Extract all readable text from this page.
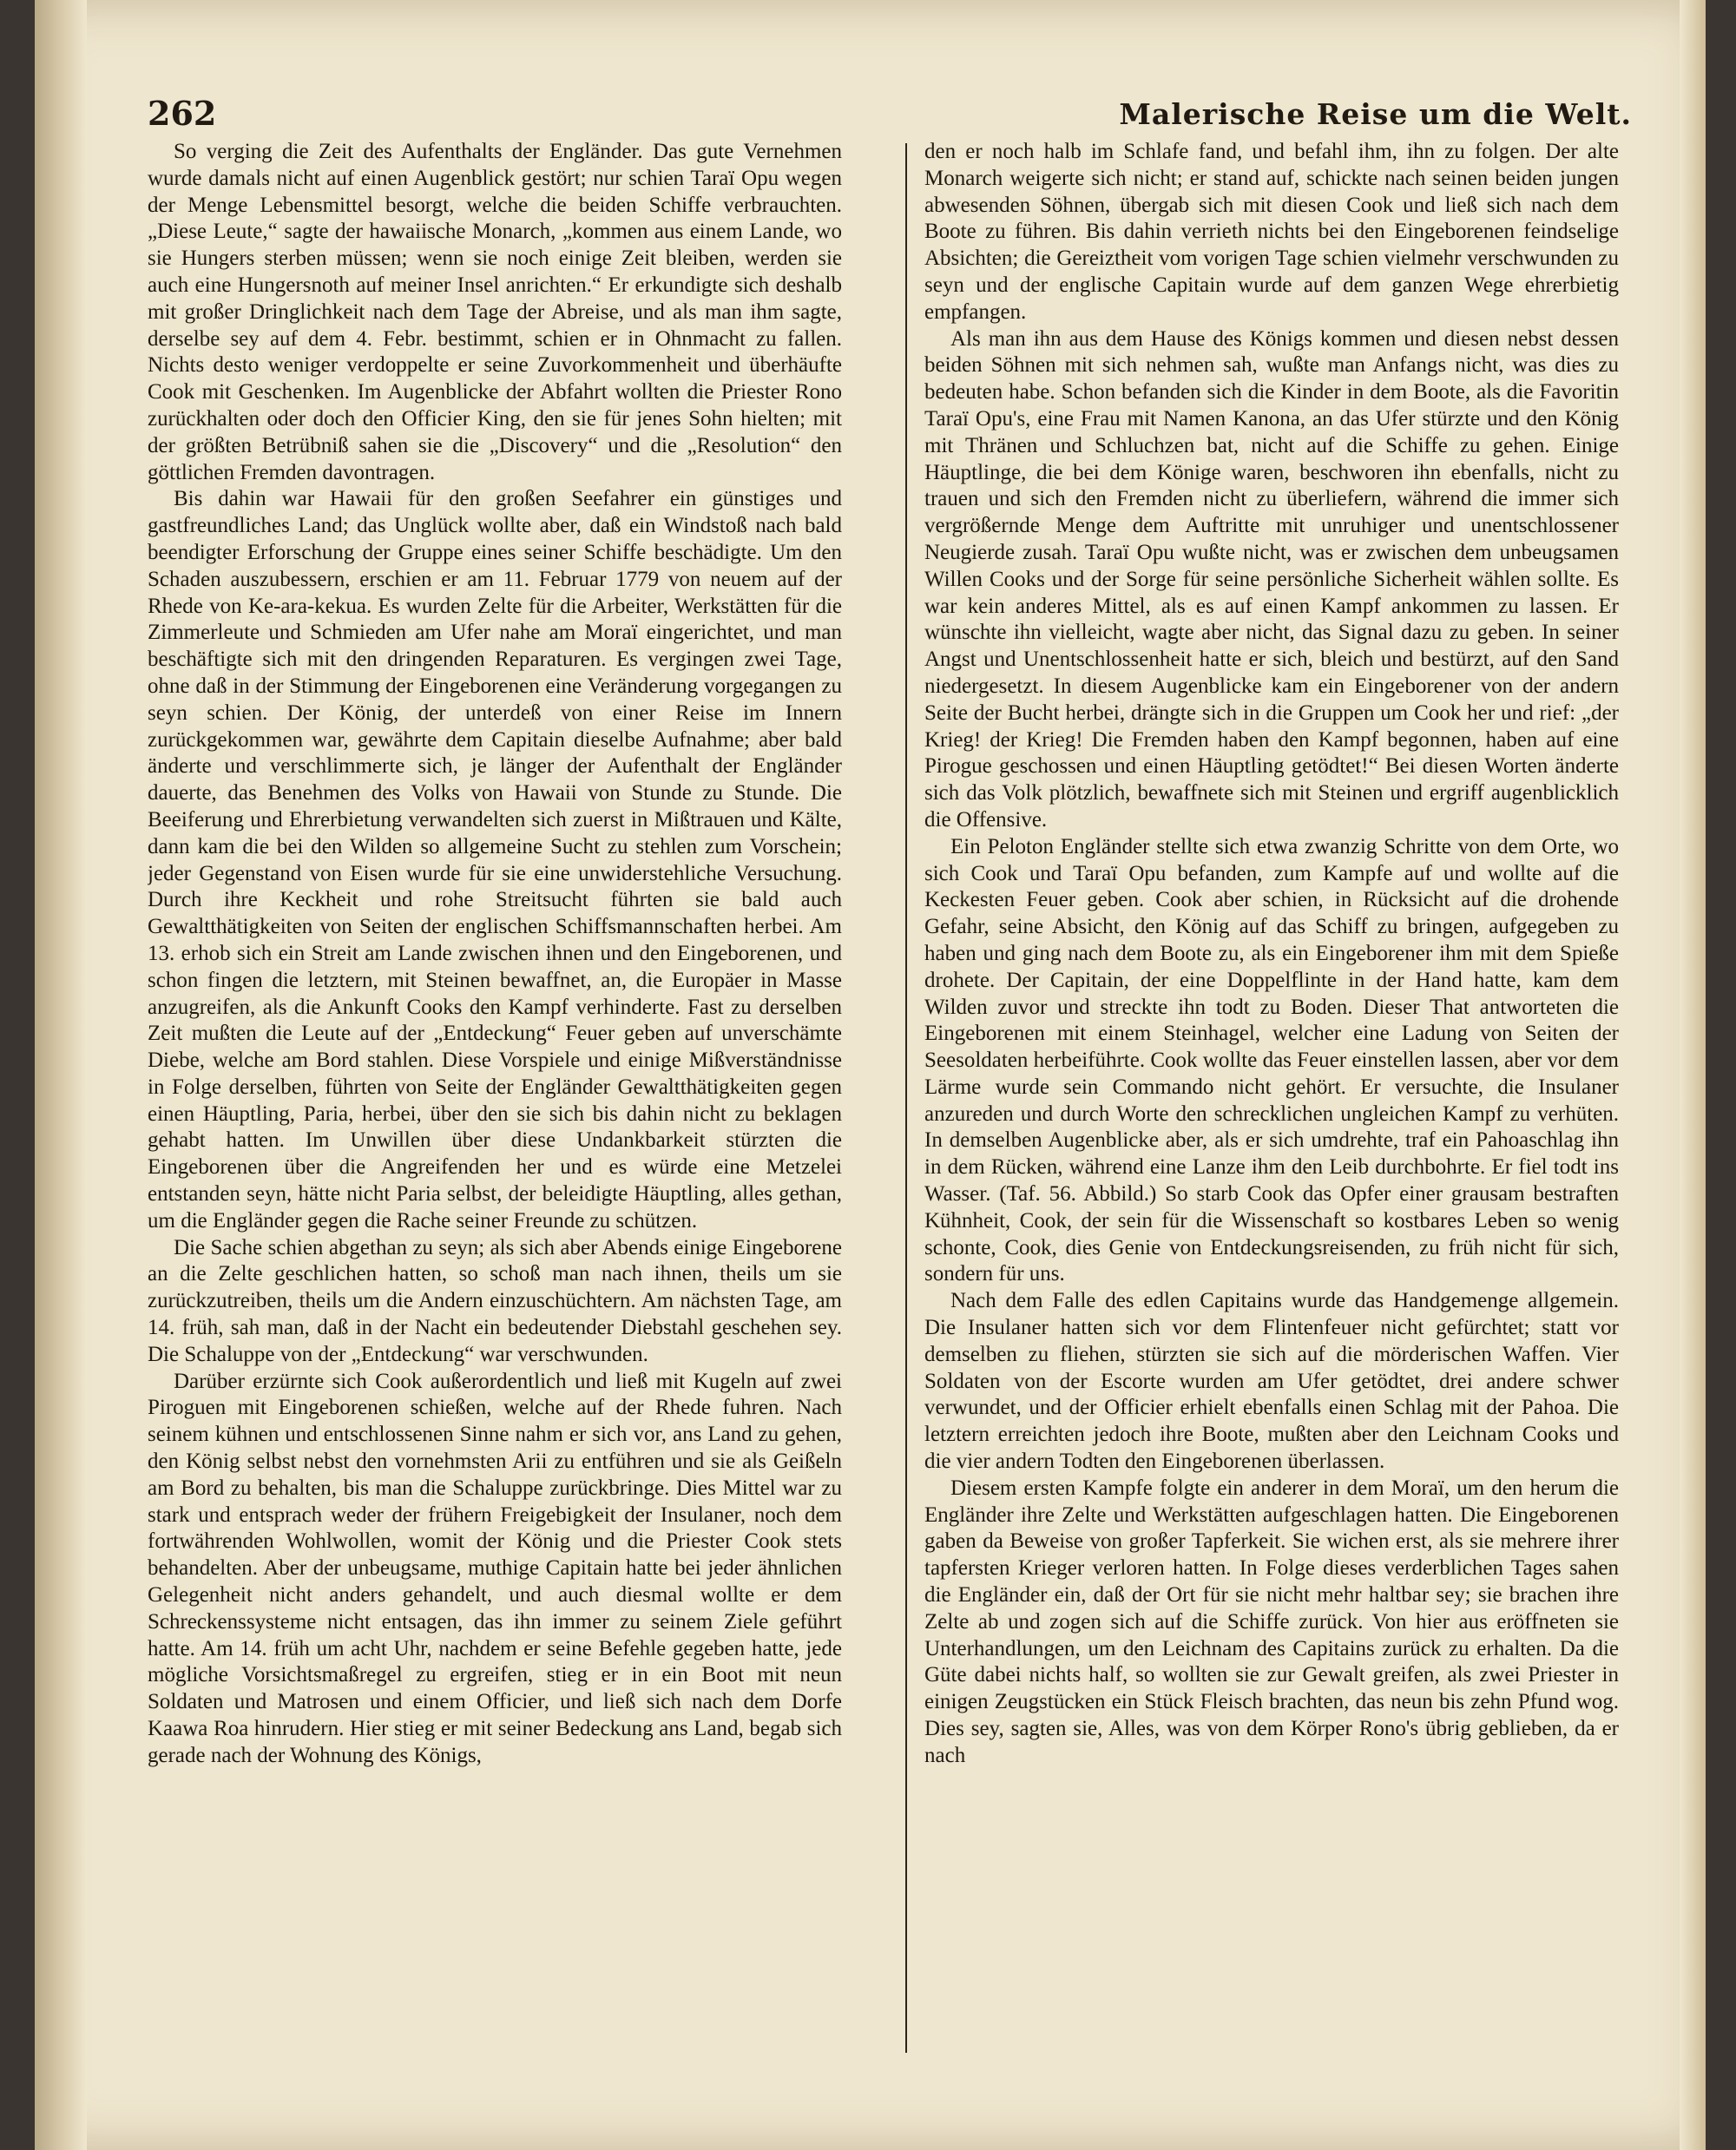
262	Malerische Reise um die Welt.

So verging die Zeit des Aufenthalts der Engländer. Das gute Vernehmen wurde damals nicht auf einen Augenblick gestört; nur schien Taraï Opu wegen der Menge Lebensmittel besorgt, welche die beiden Schiffe verbrauchten. „Diese Leute,“ sagte der hawaiische Monarch, „kommen aus einem Lande, wo sie Hungers sterben müssen; wenn sie noch einige Zeit bleiben, werden sie auch eine Hungersnoth auf meiner Insel anrichten.“ Er erkundigte sich deshalb mit großer Dringlichkeit nach dem Tage der Abreise, und als man ihm sagte, derselbe sey auf dem 4. Febr. bestimmt, schien er in Ohnmacht zu fallen. Nichts desto weniger verdoppelte er seine Zuvorkommenheit und überhäufte Cook mit Geschenken. Im Augenblicke der Abfahrt wollten die Priester Rono zurückhalten oder doch den Officier King, den sie für jenes Sohn hielten; mit der größten Betrübniß sahen sie die „Discovery“ und die „Resolution“ den göttlichen Fremden davontragen.

Bis dahin war Hawaii für den großen Seefahrer ein günstiges und gastfreundliches Land; das Unglück wollte aber, daß ein Windstoß nach bald beendigter Erforschung der Gruppe eines seiner Schiffe beschädigte. Um den Schaden auszubessern, erschien er am 11. Februar 1779 von neuem auf der Rhede von Ke-ara-kekua. Es wurden Zelte für die Arbeiter, Werkstätten für die Zimmerleute und Schmieden am Ufer nahe am Moraï eingerichtet, und man beschäftigte sich mit den dringenden Reparaturen. Es vergingen zwei Tage, ohne daß in der Stimmung der Eingeborenen eine Veränderung vorgegangen zu seyn schien. Der König, der unterdeß von einer Reise im Innern zurückgekommen war, gewährte dem Capitain dieselbe Aufnahme; aber bald änderte und verschlimmerte sich, je länger der Aufenthalt der Engländer dauerte, das Benehmen des Volks von Hawaii von Stunde zu Stunde. Die Beeiferung und Ehrerbietung verwandelten sich zuerst in Mißtrauen und Kälte, dann kam die bei den Wilden so allgemeine Sucht zu stehlen zum Vorschein; jeder Gegenstand von Eisen wurde für sie eine unwiderstehliche Versuchung. Durch ihre Keckheit und rohe Streitsucht führten sie bald auch Gewaltthätigkeiten von Seiten der englischen Schiffsmannschaften herbei. Am 13. erhob sich ein Streit am Lande zwischen ihnen und den Eingeborenen, und schon fingen die letztern, mit Steinen bewaffnet, an, die Europäer in Masse anzugreifen, als die Ankunft Cooks den Kampf verhinderte. Fast zu derselben Zeit mußten die Leute auf der „Entdeckung“ Feuer geben auf unverschämte Diebe, welche am Bord stahlen. Diese Vorspiele und einige Mißverständnisse in Folge derselben, führten von Seite der Engländer Gewaltthätigkeiten gegen einen Häuptling, Paria, herbei, über den sie sich bis dahin nicht zu beklagen gehabt hatten. Im Unwillen über diese Undankbarkeit stürzten die Eingeborenen über die Angreifenden her und es würde eine Metzelei entstanden seyn, hätte nicht Paria selbst, der beleidigte Häuptling, alles gethan, um die Engländer gegen die Rache seiner Freunde zu schützen.

Die Sache schien abgethan zu seyn; als sich aber Abends einige Eingeborene an die Zelte geschlichen hatten, so schoß man nach ihnen, theils um sie zurückzutreiben, theils um die Andern einzuschüchtern. Am nächsten Tage, am 14. früh, sah man, daß in der Nacht ein bedeutender Diebstahl geschehen sey. Die Schaluppe von der „Entdeckung“ war verschwunden.

Darüber erzürnte sich Cook außerordentlich und ließ mit Kugeln auf zwei Piroguen mit Eingeborenen schießen, welche auf der Rhede fuhren. Nach seinem kühnen und entschlossenen Sinne nahm er sich vor, ans Land zu gehen, den König selbst nebst den vornehmsten Arii zu entführen und sie als Geißeln am Bord zu behalten, bis man die Schaluppe zurückbringe. Dies Mittel war zu stark und entsprach weder der frühern Freigebigkeit der Insulaner, noch dem fortwährenden Wohlwollen, womit der König und die Priester Cook stets behandelten. Aber der unbeugsame, muthige Capitain hatte bei jeder ähnlichen Gelegenheit nicht anders gehandelt, und auch diesmal wollte er dem Schreckenssysteme nicht entsagen, das ihn immer zu seinem Ziele geführt hatte. Am 14. früh um acht Uhr, nachdem er seine Befehle gegeben hatte, jede mögliche Vorsichtsmaßregel zu ergreifen, stieg er in ein Boot mit neun Soldaten und Matrosen und einem Officier, und ließ sich nach dem Dorfe Kaawa Roa hinrudern. Hier stieg er mit seiner Bedeckung ans Land, begab sich gerade nach der Wohnung des Königs,

den er noch halb im Schlafe fand, und befahl ihm, ihn zu folgen. Der alte Monarch weigerte sich nicht; er stand auf, schickte nach seinen beiden jungen abwesenden Söhnen, übergab sich mit diesen Cook und ließ sich nach dem Boote zu führen. Bis dahin verrieth nichts bei den Eingeborenen feindselige Absichten; die Gereiztheit vom vorigen Tage schien vielmehr verschwunden zu seyn und der englische Capitain wurde auf dem ganzen Wege ehrerbietig empfangen.

Als man ihn aus dem Hause des Königs kommen und diesen nebst dessen beiden Söhnen mit sich nehmen sah, wußte man Anfangs nicht, was dies zu bedeuten habe. Schon befanden sich die Kinder in dem Boote, als die Favoritin Taraï Opu's, eine Frau mit Namen Kanona, an das Ufer stürzte und den König mit Thränen und Schluchzen bat, nicht auf die Schiffe zu gehen. Einige Häuptlinge, die bei dem Könige waren, beschworen ihn ebenfalls, nicht zu trauen und sich den Fremden nicht zu überliefern, während die immer sich vergrößernde Menge dem Auftritte mit unruhiger und unentschlossener Neugierde zusah. Taraï Opu wußte nicht, was er zwischen dem unbeugsamen Willen Cooks und der Sorge für seine persönliche Sicherheit wählen sollte. Es war kein anderes Mittel, als es auf einen Kampf ankommen zu lassen. Er wünschte ihn vielleicht, wagte aber nicht, das Signal dazu zu geben. In seiner Angst und Unentschlossenheit hatte er sich, bleich und bestürzt, auf den Sand niedergesetzt. In diesem Augenblicke kam ein Eingeborener von der andern Seite der Bucht herbei, drängte sich in die Gruppen um Cook her und rief: „der Krieg! der Krieg! Die Fremden haben den Kampf begonnen, haben auf eine Pirogue geschossen und einen Häuptling getödtet!“ Bei diesen Worten änderte sich das Volk plötzlich, bewaffnete sich mit Steinen und ergriff augenblicklich die Offensive.

Ein Peloton Engländer stellte sich etwa zwanzig Schritte von dem Orte, wo sich Cook und Taraï Opu befanden, zum Kampfe auf und wollte auf die Keckesten Feuer geben. Cook aber schien, in Rücksicht auf die drohende Gefahr, seine Absicht, den König auf das Schiff zu bringen, aufgegeben zu haben und ging nach dem Boote zu, als ein Eingeborener ihm mit dem Spieße drohete. Der Capitain, der eine Doppelflinte in der Hand hatte, kam dem Wilden zuvor und streckte ihn todt zu Boden. Dieser That antworteten die Eingeborenen mit einem Steinhagel, welcher eine Ladung von Seiten der Seesoldaten herbeiführte. Cook wollte das Feuer einstellen lassen, aber vor dem Lärme wurde sein Commando nicht gehört. Er versuchte, die Insulaner anzureden und durch Worte den schrecklichen ungleichen Kampf zu verhüten. In demselben Augenblicke aber, als er sich umdrehte, traf ein Pahoaschlag ihn in dem Rücken, während eine Lanze ihm den Leib durchbohrte. Er fiel todt ins Wasser. (Taf. 56. Abbild.) So starb Cook das Opfer einer grausam bestraften Kühnheit, Cook, der sein für die Wissenschaft so kostbares Leben so wenig schonte, Cook, dies Genie von Entdeckungsreisenden, zu früh nicht für sich, sondern für uns.

Nach dem Falle des edlen Capitains wurde das Handgemenge allgemein. Die Insulaner hatten sich vor dem Flintenfeuer nicht gefürchtet; statt vor demselben zu fliehen, stürzten sie sich auf die mörderischen Waffen. Vier Soldaten von der Escorte wurden am Ufer getödtet, drei andere schwer verwundet, und der Officier erhielt ebenfalls einen Schlag mit der Pahoa. Die letztern erreichten jedoch ihre Boote, mußten aber den Leichnam Cooks und die vier andern Todten den Eingeborenen überlassen.

Diesem ersten Kampfe folgte ein anderer in dem Moraï, um den herum die Engländer ihre Zelte und Werkstätten aufgeschlagen hatten. Die Eingeborenen gaben da Beweise von großer Tapferkeit. Sie wichen erst, als sie mehrere ihrer tapfersten Krieger verloren hatten. In Folge dieses verderblichen Tages sahen die Engländer ein, daß der Ort für sie nicht mehr haltbar sey; sie brachen ihre Zelte ab und zogen sich auf die Schiffe zurück. Von hier aus eröffneten sie Unterhandlungen, um den Leichnam des Capitains zurück zu erhalten. Da die Güte dabei nichts half, so wollten sie zur Gewalt greifen, als zwei Priester in einigen Zeugstücken ein Stück Fleisch brachten, das neun bis zehn Pfund wog. Dies sey, sagten sie, Alles, was von dem Körper Rono's übrig geblieben, da er nach
